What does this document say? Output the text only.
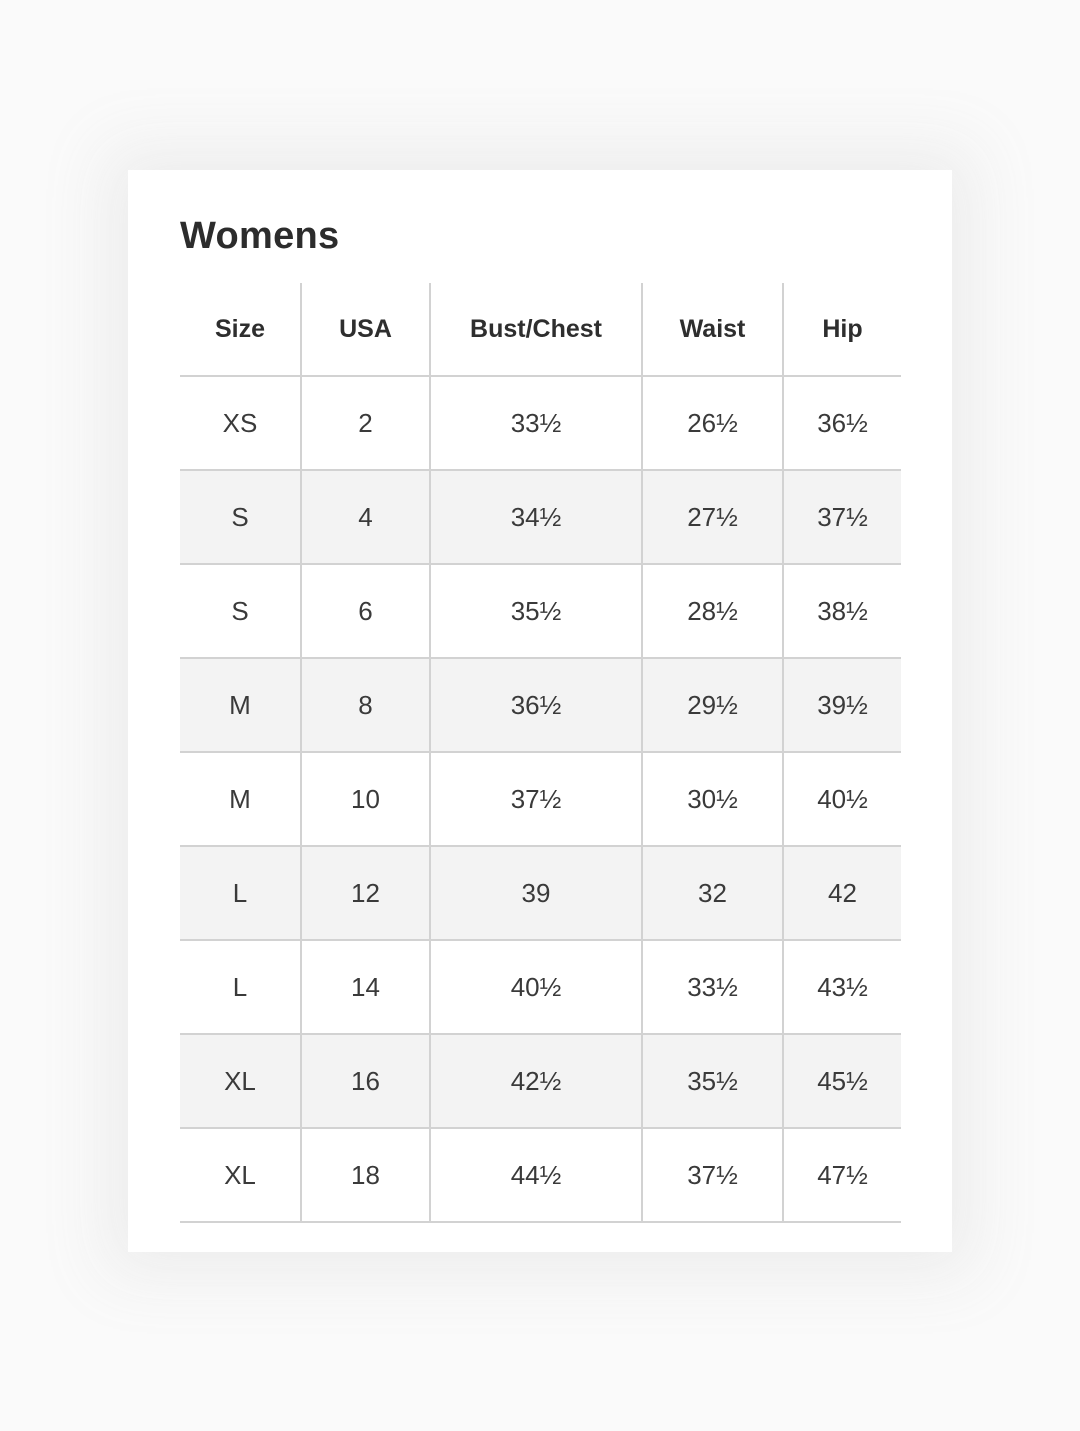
Womens
Size	USA	Bust/Chest	Waist	Hip
XS	2	33½	26½	36½
S	4	34½	27½	37½
S	6	35½	28½	38½
M	8	36½	29½	39½
M	10	37½	30½	40½
L	12	39	32	42
L	14	40½	33½	43½
XL	16	42½	35½	45½
XL	18	44½	37½	47½
